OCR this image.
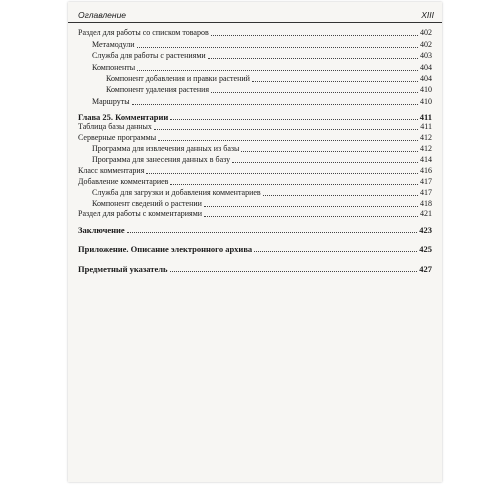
Оглавление	XIII
Раздел для работы со списком товаров	402
Метамодули	402
Служба для работы с растениями	403
Компоненты	404
Компонент добавления и правки растений	404
Компонент удаления растения	410
Маршруты	410
Глава 25. Комментарии	411
Таблица базы данных	411
Серверные программы	412
Программа для извлечения данных из базы	412
Программа для занесения данных в базу	414
Класс комментария	416
Добавление комментариев	417
Служба для загрузки и добавления комментариев	417
Компонент сведений о растении	418
Раздел для работы с комментариями	421
Заключение	423
Приложение. Описание электронного архива	425
Предметный указатель	427
